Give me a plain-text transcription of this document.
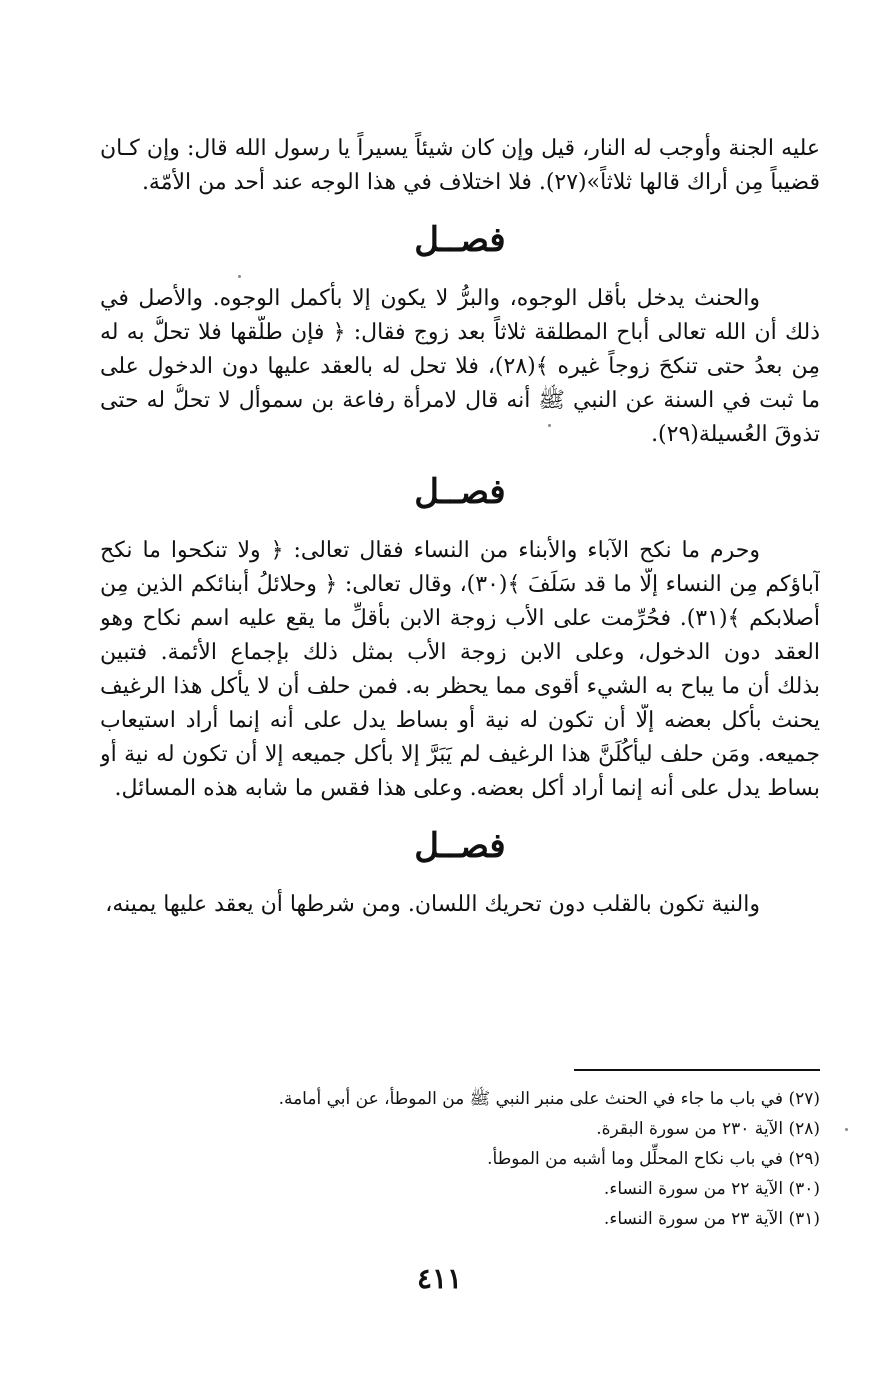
عليه الجنة وأوجب له النار، قيل وإن كان شيئاً يسيراً يا رسول الله قال: وإن كـان
قضيباً مِن أراك قالها ثلاثاً»(٢٧). فلا اختلاف في هذا الوجه عند أحد من الأمّة.
فصــل
والحنث يدخل بأقل الوجوه، والبرُّ لا يكون إلا بأكمل الوجوه. والأصل في
ذلك أن الله تعالى أباح المطلقة ثلاثاً بعد زوج فقال: ﴿ فإن طلّقها فلا تحلُّ به له
مِن بعدُ حتى تنكحَ زوجاً غيره ﴾(٢٨)، فلا تحل له بالعقد عليها دون الدخول على
ما ثبت في السنة عن النبي ﷺ أنه قال لامرأة رفاعة بن سموأل لا تحلُّ له حتى
تذوقَ العُسيلة(٢٩).
فصــل
وحرم ما نكح الآباء والأبناء من النساء فقال تعالى: ﴿ ولا تنكحوا ما نكح
آباؤكم مِن النساء إلّا ما قد سَلَفَ ﴾(٣٠)، وقال تعالى: ﴿ وحلائلُ أبنائكم الذين مِن
أصلابكم ﴾(٣١). فحُرِّمت على الأب زوجة الابن بأقلِّ ما يقع عليه اسم نكاح وهو
العقد دون الدخول، وعلى الابن زوجة الأب بمثل ذلك بإجماع الأئمة. فتبين
بذلك أن ما يباح به الشيء أقوى مما يحظر به. فمن حلف أن لا يأكل هذا الرغيف
يحنث بأكل بعضه إلّا أن تكون له نية أو بساط يدل على أنه إنما أراد استيعاب
جميعه. ومَن حلف ليأكُلَنَّ هذا الرغيف لم يَبَرَّ إلا بأكل جميعه إلا أن تكون له نية أو
بساط يدل على أنه إنما أراد أكل بعضه. وعلى هذا فقس ما شابه هذه المسائل.
فصــل
والنية تكون بالقلب دون تحريك اللسان. ومن شرطها أن يعقد عليها يمينه،
(٢٧) في باب ما جاء في الحنث على منبر النبي ﷺ من الموطأ، عن أبي أمامة.
(٢٨) الآية ٢٣٠ من سورة البقرة.
(٢٩) في باب نكاح المحلِّل وما أشبه من الموطأ.
(٣٠) الآية ٢٢ من سورة النساء.
(٣١) الآية ٢٣ من سورة النساء.
٤١١
